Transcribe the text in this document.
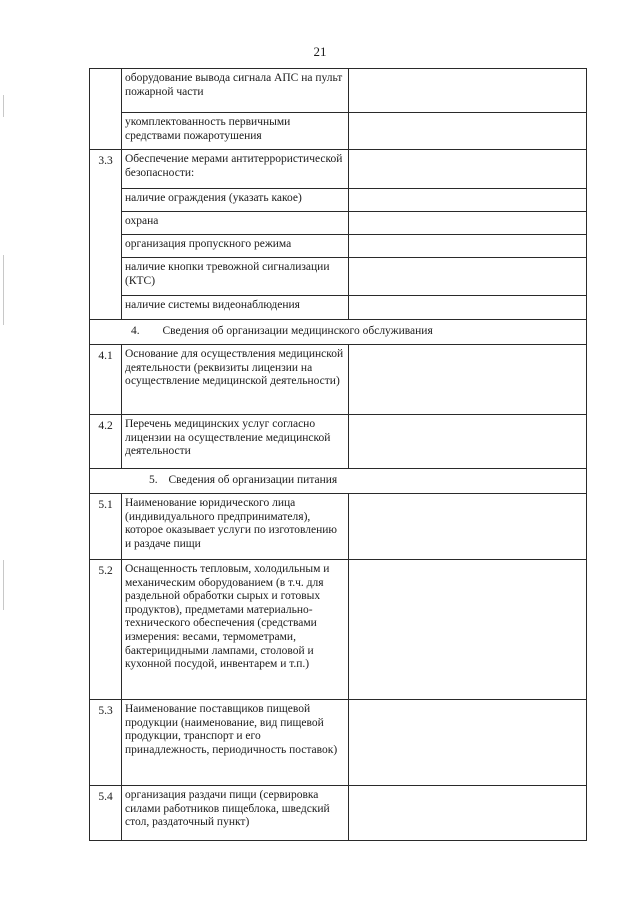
21
	оборудование вывода сигнала АПС на пульт пожарной части	
	укомплектованность первичными средствами пожаротушения	
3.3	Обеспечение мерами антитеррористической безопасности:	
	наличие ограждения (указать какое)	
	охрана	
	организация пропускного режима	
	наличие кнопки тревожной сигнализации (КТС)	
	наличие системы видеонаблюдения	
4. Сведения об организации медицинского обслуживания		
4.1	Основание для осуществления медицинской деятельности (реквизиты лицензии на осуществление медицинской деятельности)	
4.2	Перечень медицинских услуг согласно лицензии на осуществление медицинской деятельности	
5. Сведения об организации питания		
5.1	Наименование юридического лица (индивидуального предпринимателя), которое оказывает услуги по изготовлению и раздаче пищи	
5.2	Оснащенность тепловым, холодильным и механическим оборудованием (в т.ч. для раздельной обработки сырых и готовых продуктов), предметами материально-технического обеспечения (средствами измерения: весами, термометрами, бактерицидными лампами, столовой и кухонной посудой, инвентарем и т.п.)	
5.3	Наименование поставщиков пищевой продукции (наименование, вид пищевой продукции, транспорт и его принадлежность, периодичность поставок)	
5.4	организация раздачи пищи (сервировка силами работников пищеблока, шведский стол, раздаточный пункт)	
